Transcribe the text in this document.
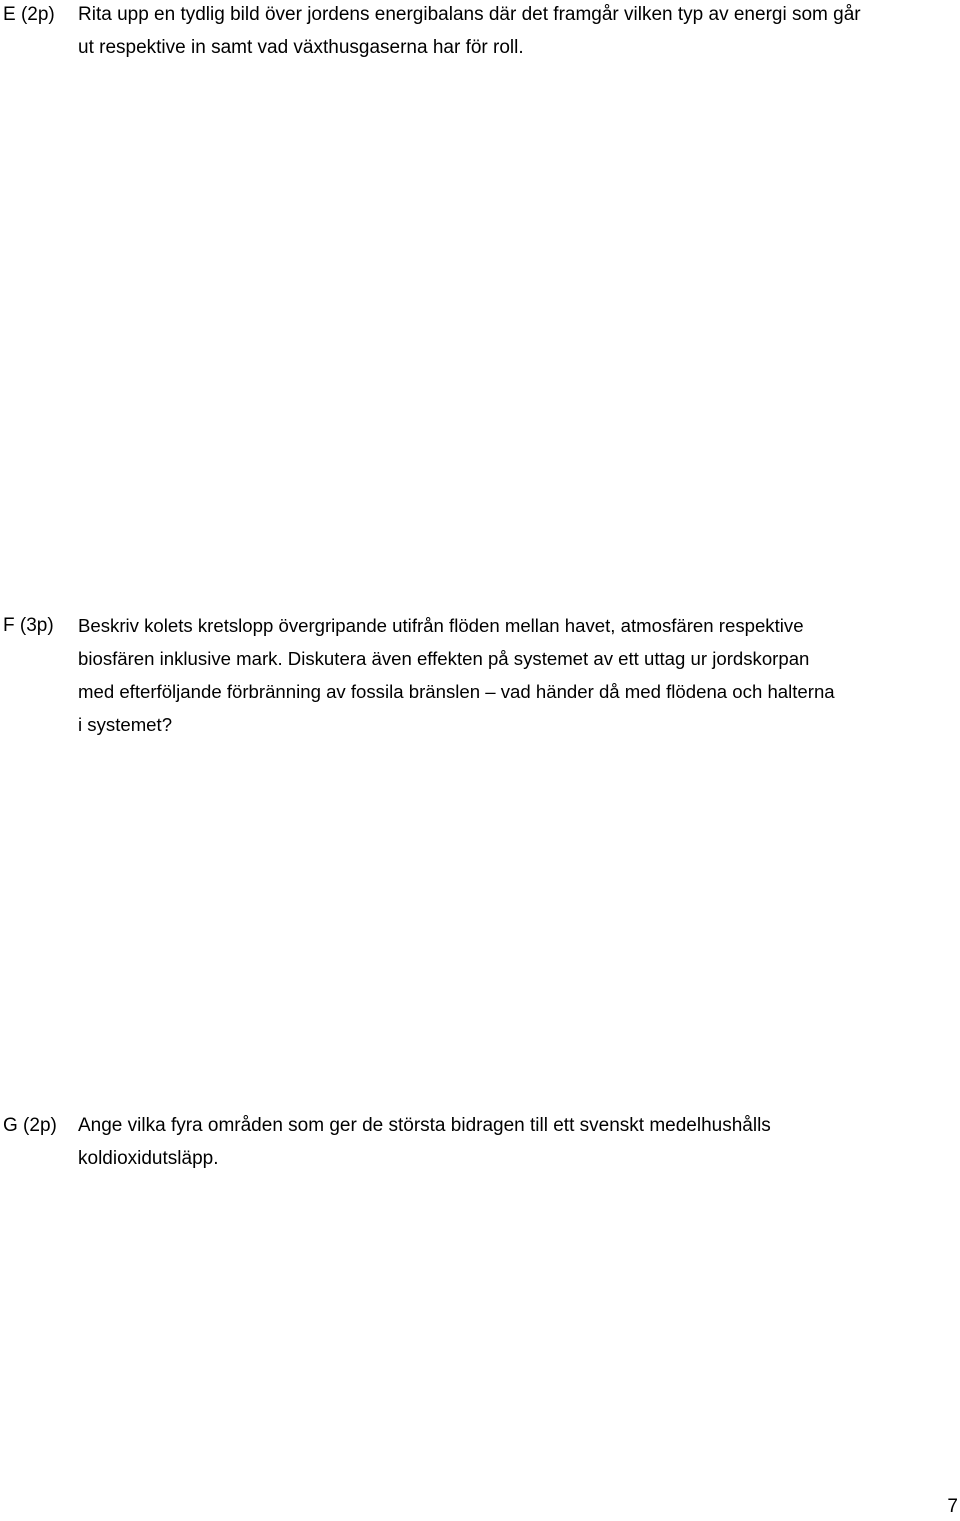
E (2p) Rita upp en tydlig bild över jordens energibalans där det framgår vilken typ av energi som går
ut respektive in samt vad växthusgaserna har för roll.
F (3p) Beskriv kolets kretslopp övergripande utifrån flöden mellan havet, atmosfären respektive
biosfären inklusive mark. Diskutera även effekten på systemet av ett uttag ur jordskorpan
med efterföljande förbränning av fossila bränslen – vad händer då med flödena och halterna
i systemet?
G (2p) Ange vilka fyra områden som ger de största bidragen till ett svenskt medelhushålls
koldioxidutsläpp.
7
